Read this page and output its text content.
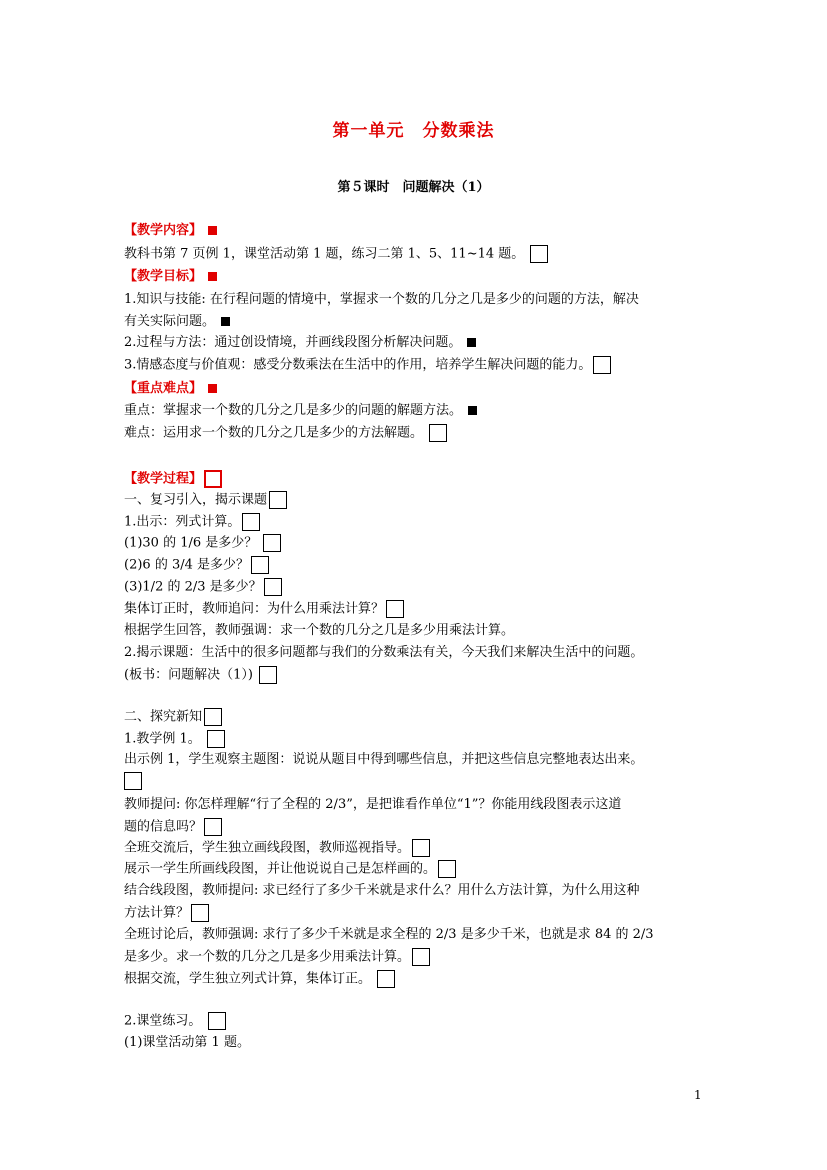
第一单元　分数乘法
第５课时　问题解决（1）
【教学内容】
教科书第 7 页例 1，课堂活动第 1 题，练习二第 1、5、11~14 题。
【教学目标】
1.知识与技能: 在行程问题的情境中，掌握求一个数的几分之几是多少的问题的方法，解决
有关实际问题。
2.过程与方法：通过创设情境，并画线段图分析解决问题。
3.情感态度与价值观：感受分数乘法在生活中的作用，培养学生解决问题的能力。
【重点难点】
重点：掌握求一个数的几分之几是多少的问题的解题方法。
难点：运用求一个数的几分之几是多少的方法解题。
【教学过程】
一、复习引入，揭示课题
1.出示：列式计算。
(1)30 的 1/6 是多少？
(2)6 的 3/4 是多少？
(3)1/2 的 2/3 是多少？
集体订正时，教师追问：为什么用乘法计算？
根据学生回答，教师强调：求一个数的几分之几是多少用乘法计算。
2.揭示课题：生活中的很多问题都与我们的分数乘法有关，今天我们来解决生活中的问题。
(板书：问题解决（1）)
二、探究新知
1.教学例 1。
出示例 1，学生观察主题图：说说从题目中得到哪些信息，并把这些信息完整地表达出来。
教师提问: 你怎样理解“行了全程的 2/3”，是把谁看作单位“1”？你能用线段图表示这道
题的信息吗？
全班交流后，学生独立画线段图，教师巡视指导。
展示一学生所画线段图，并让他说说自己是怎样画的。
结合线段图，教师提问: 求已经行了多少千米就是求什么？用什么方法计算，为什么用这种
方法计算？
全班讨论后，教师强调: 求行了多少千米就是求全程的 2/3 是多少千米，也就是求 84 的 2/3
是多少。求一个数的几分之几是多少用乘法计算。
根据交流，学生独立列式计算，集体订正。
2.课堂练习。
(1)课堂活动第 1 题。
1
